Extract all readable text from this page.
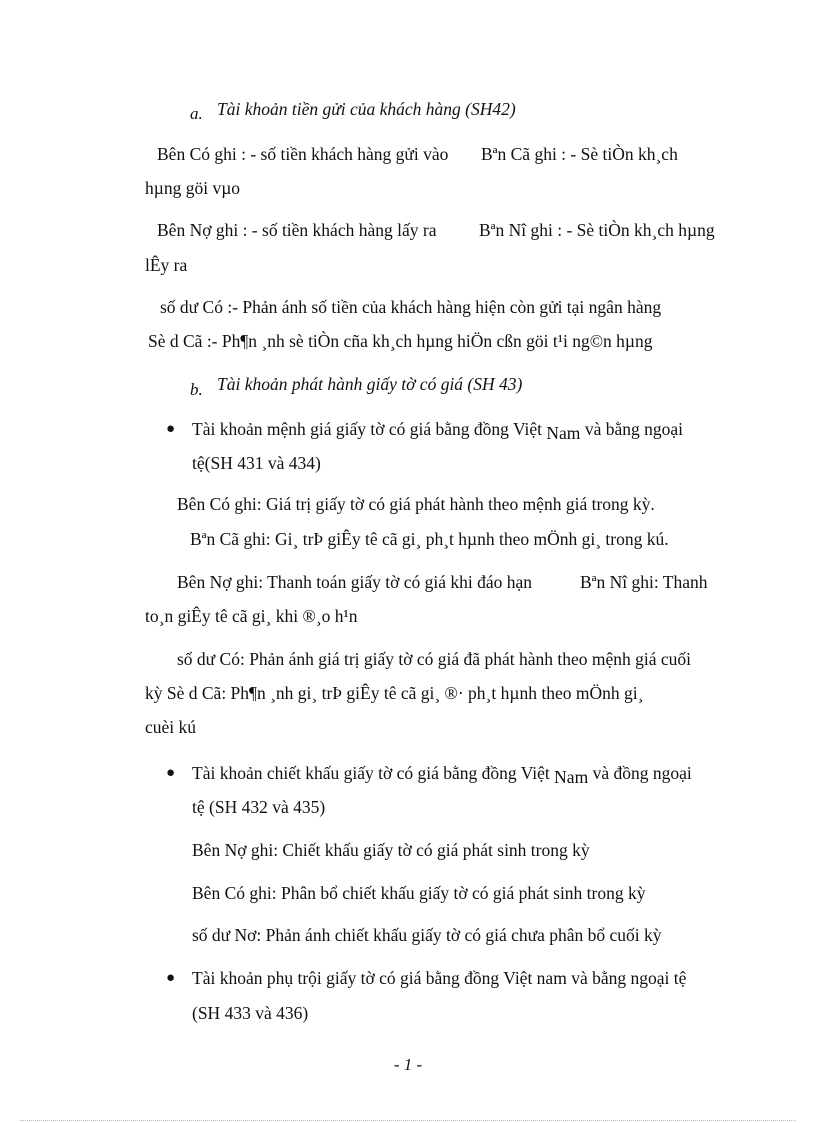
a. Tài khoản tiền gửi của khách hàng (SH42)
Bên Có ghi : - số tiền khách hàng gửi vào Bªn Cã ghi : - Sè tiÒn kh¸ch
hµng göi vµo
Bên Nợ ghi : - số tiền khách hàng lấy ra Bªn Nî ghi : - Sè tiÒn kh¸ch hµng
lÊy ra
số dư Có :- Phản ánh số tiền của khách hàng hiện còn gửi tại ngân hàng
Sè d Cã :- Ph¶n ¸nh sè tiÒn cña kh¸ch hµng hiÖn cßn göi t¹i ng©n hµng
b. Tài khoản phát hành giấy tờ có giá (SH 43)
● Tài khoản mệnh giá giấy tờ có giá bằng đồng Việt Nam và bằng ngoại
tệ(SH 431 và 434)
Bên Có ghi: Giá trị giấy tờ có giá phát hành theo mệnh giá trong kỳ.
Bªn Cã ghi: Gi¸ trÞ giÊy tê cã gi¸ ph¸t hµnh theo mÖnh gi¸ trong kú.
Bên Nợ ghi: Thanh toán giấy tờ có giá khi đáo hạn	Bªn Nî ghi: Thanh
to¸n giÊy tê cã gi¸ khi ®¸o h¹n
số dư Có: Phản ánh giá trị giấy tờ có giá đã phát hành theo mệnh giá cuối
kỳ Sè d Cã: Ph¶n ¸nh gi¸ trÞ giÊy tê cã gi¸ ®· ph¸t hµnh theo mÖnh gi¸
cuèi kú
● Tài khoản chiết khấu giấy tờ có giá bằng đồng Việt Nam và đồng ngoại
tệ (SH 432 và 435)
Bên Nợ ghi: Chiết khấu giấy tờ có giá phát sinh trong kỳ
Bên Có ghi: Phân bổ chiết khấu giấy tờ có giá phát sinh trong kỳ
số dư Nơ: Phản ánh chiết khấu giấy tờ có giá chưa phân bổ cuối kỳ
● Tài khoản phụ trội giấy tờ có giá bằng đồng Việt nam và bằng ngoại tệ
(SH 433 và 436)
- 1 -
